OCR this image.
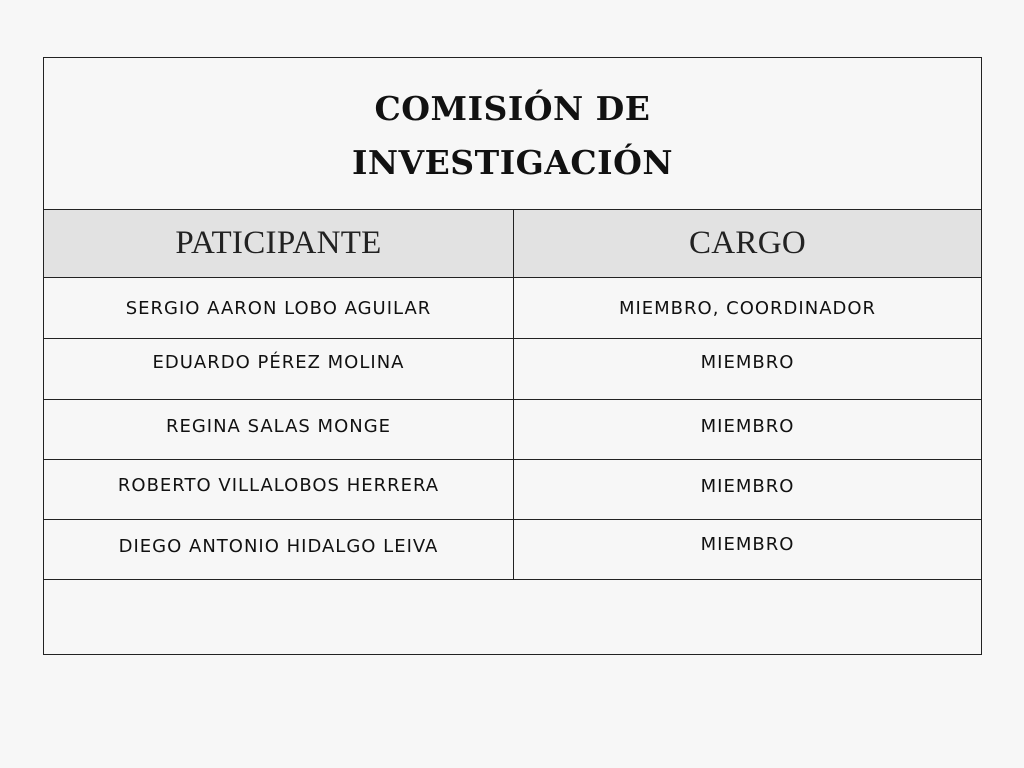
COMISIÓN DE
INVESTIGACIÓN
PATICIPANTE	CARGO
SERGIO AARON LOBO AGUILAR	MIEMBRO, COORDINADOR
EDUARDO PÉREZ MOLINA	MIEMBRO
REGINA SALAS MONGE	MIEMBRO
ROBERTO VILLALOBOS HERRERA	MIEMBRO
DIEGO ANTONIO HIDALGO LEIVA	MIEMBRO
